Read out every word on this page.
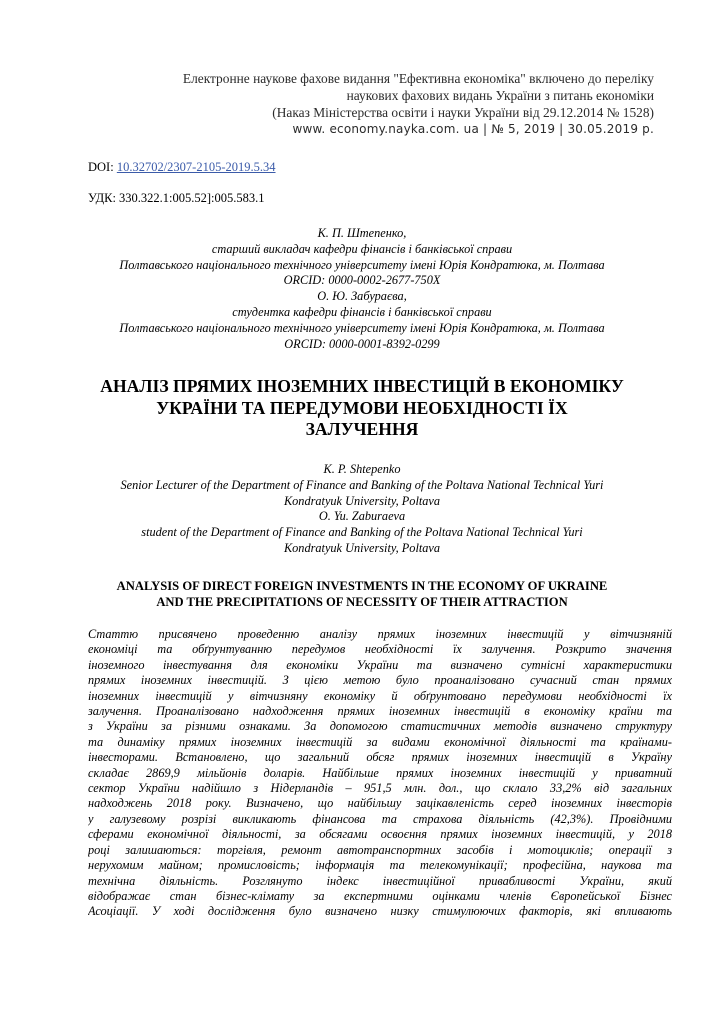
Електронне наукове фахове видання "Ефективна економіка" включено до переліку
наукових фахових видань України з питань економіки
(Наказ Міністерства освіти і науки України від 29.12.2014 № 1528)
www. economy.nayka.com. ua | № 5, 2019 | 30.05.2019 р.
DOI: 10.32702/2307-2105-2019.5.34
УДК: 330.322.1:005.52]:005.583.1
К. П. Штепенко,
старший викладач кафедри фінансів і банківської справи
Полтавського національного технічного університету імені Юрія Кондратюка, м. Полтава
ORCID: 0000-0002-2677-750X
О. Ю. Забураєва,
студентка кафедри фінансів і банківської справи
Полтавського національного технічного університету імені Юрія Кондратюка, м. Полтава
ORCID: 0000-0001-8392-0299
АНАЛІЗ ПРЯМИХ ІНОЗЕМНИХ ІНВЕСТИЦІЙ В ЕКОНОМІКУ
УКРАЇНИ ТА ПЕРЕДУМОВИ НЕОБХІДНОСТІ ЇХ
ЗАЛУЧЕННЯ
K. P. Shtepenko
Senior Lecturer of the Department of Finance and Banking of the Poltava National Technical Yuri
Kondratyuk University, Poltava
O. Yu. Zaburaeva
student of the Department of Finance and Banking of the Poltava National Technical Yuri
Kondratyuk University, Poltava
ANALYSIS OF DIRECT FOREIGN INVESTMENTS IN THE ECONOMY OF UKRAINE
AND THE PRECIPITATIONS OF NECESSITY OF THEIR ATTRACTION
Статтю присвячено проведенню аналізу прямих іноземних інвестицій у вітчизняній
економіці та обґрунтуванню передумов необхідності їх залучення. Розкрито значення
іноземного інвестування для економіки України та визначено сутнісні характеристики
прямих іноземних інвестицій. З цією метою було проаналізовано сучасний стан прямих
іноземних інвестицій у вітчизняну економіку й обґрунтовано передумови необхідності їх
залучення. Проаналізовано надходження прямих іноземних інвестицій в економіку країни та
з України за різними ознаками. За допомогою статистичних методів визначено структуру
та динаміку прямих іноземних інвестицій за видами економічної діяльності та країнами-
інвесторами. Встановлено, що загальний обсяг прямих іноземних інвестицій в Україну
складає 2869,9 мільйонів доларів. Найбільше прямих іноземних інвестицій у приватний
сектор України надійшло з Нідерландів – 951,5 млн. дол., що склало 33,2% від загальних
надходжень 2018 року. Визначено, що найбільшу зацікавленість серед іноземних інвесторів
у галузевому розрізі викликають фінансова та страхова діяльність (42,3%). Провідними
сферами економічної діяльності, за обсягами освоєння прямих іноземних інвестицій, у 2018
році залишаються: торгівля, ремонт автотранспортних засобів і мотоциклів; операції з
нерухомим майном; промисловість; інформація та телекомунікації; професійна, наукова та
технічна діяльність. Розглянуто індекс інвестиційної привабливості України, який
відображає стан бізнес-клімату за експертними оцінками членів Європейської Бізнес
Асоціації. У ході дослідження було визначено низку стимулюючих факторів, які впливають
